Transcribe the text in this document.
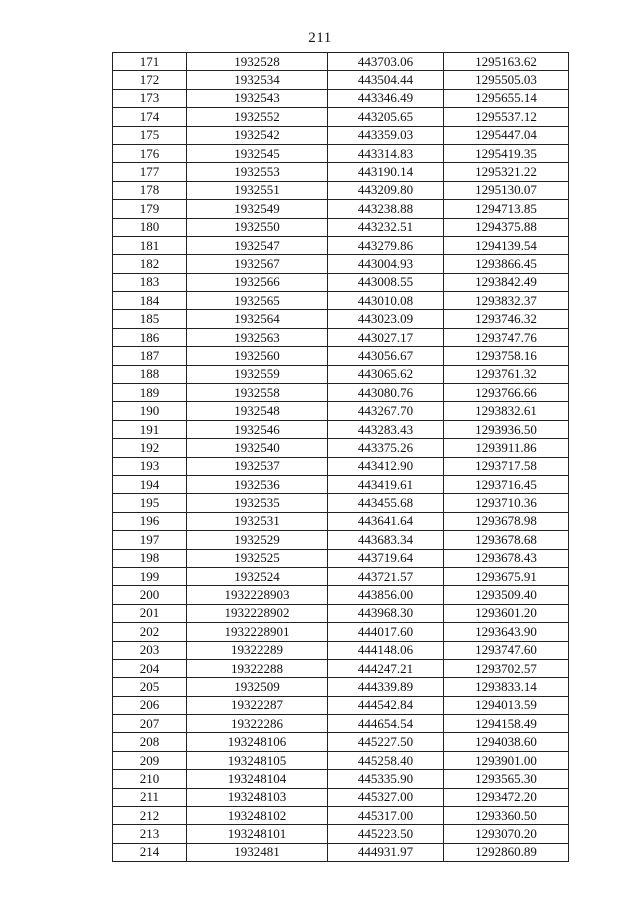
211
171	1932528	443703.06	1295163.62
172	1932534	443504.44	1295505.03
173	1932543	443346.49	1295655.14
174	1932552	443205.65	1295537.12
175	1932542	443359.03	1295447.04
176	1932545	443314.83	1295419.35
177	1932553	443190.14	1295321.22
178	1932551	443209.80	1295130.07
179	1932549	443238.88	1294713.85
180	1932550	443232.51	1294375.88
181	1932547	443279.86	1294139.54
182	1932567	443004.93	1293866.45
183	1932566	443008.55	1293842.49
184	1932565	443010.08	1293832.37
185	1932564	443023.09	1293746.32
186	1932563	443027.17	1293747.76
187	1932560	443056.67	1293758.16
188	1932559	443065.62	1293761.32
189	1932558	443080.76	1293766.66
190	1932548	443267.70	1293832.61
191	1932546	443283.43	1293936.50
192	1932540	443375.26	1293911.86
193	1932537	443412.90	1293717.58
194	1932536	443419.61	1293716.45
195	1932535	443455.68	1293710.36
196	1932531	443641.64	1293678.98
197	1932529	443683.34	1293678.68
198	1932525	443719.64	1293678.43
199	1932524	443721.57	1293675.91
200	1932228903	443856.00	1293509.40
201	1932228902	443968.30	1293601.20
202	1932228901	444017.60	1293643.90
203	19322289	444148.06	1293747.60
204	19322288	444247.21	1293702.57
205	1932509	444339.89	1293833.14
206	19322287	444542.84	1294013.59
207	19322286	444654.54	1294158.49
208	193248106	445227.50	1294038.60
209	193248105	445258.40	1293901.00
210	193248104	445335.90	1293565.30
211	193248103	445327.00	1293472.20
212	193248102	445317.00	1293360.50
213	193248101	445223.50	1293070.20
214	1932481	444931.97	1292860.89
